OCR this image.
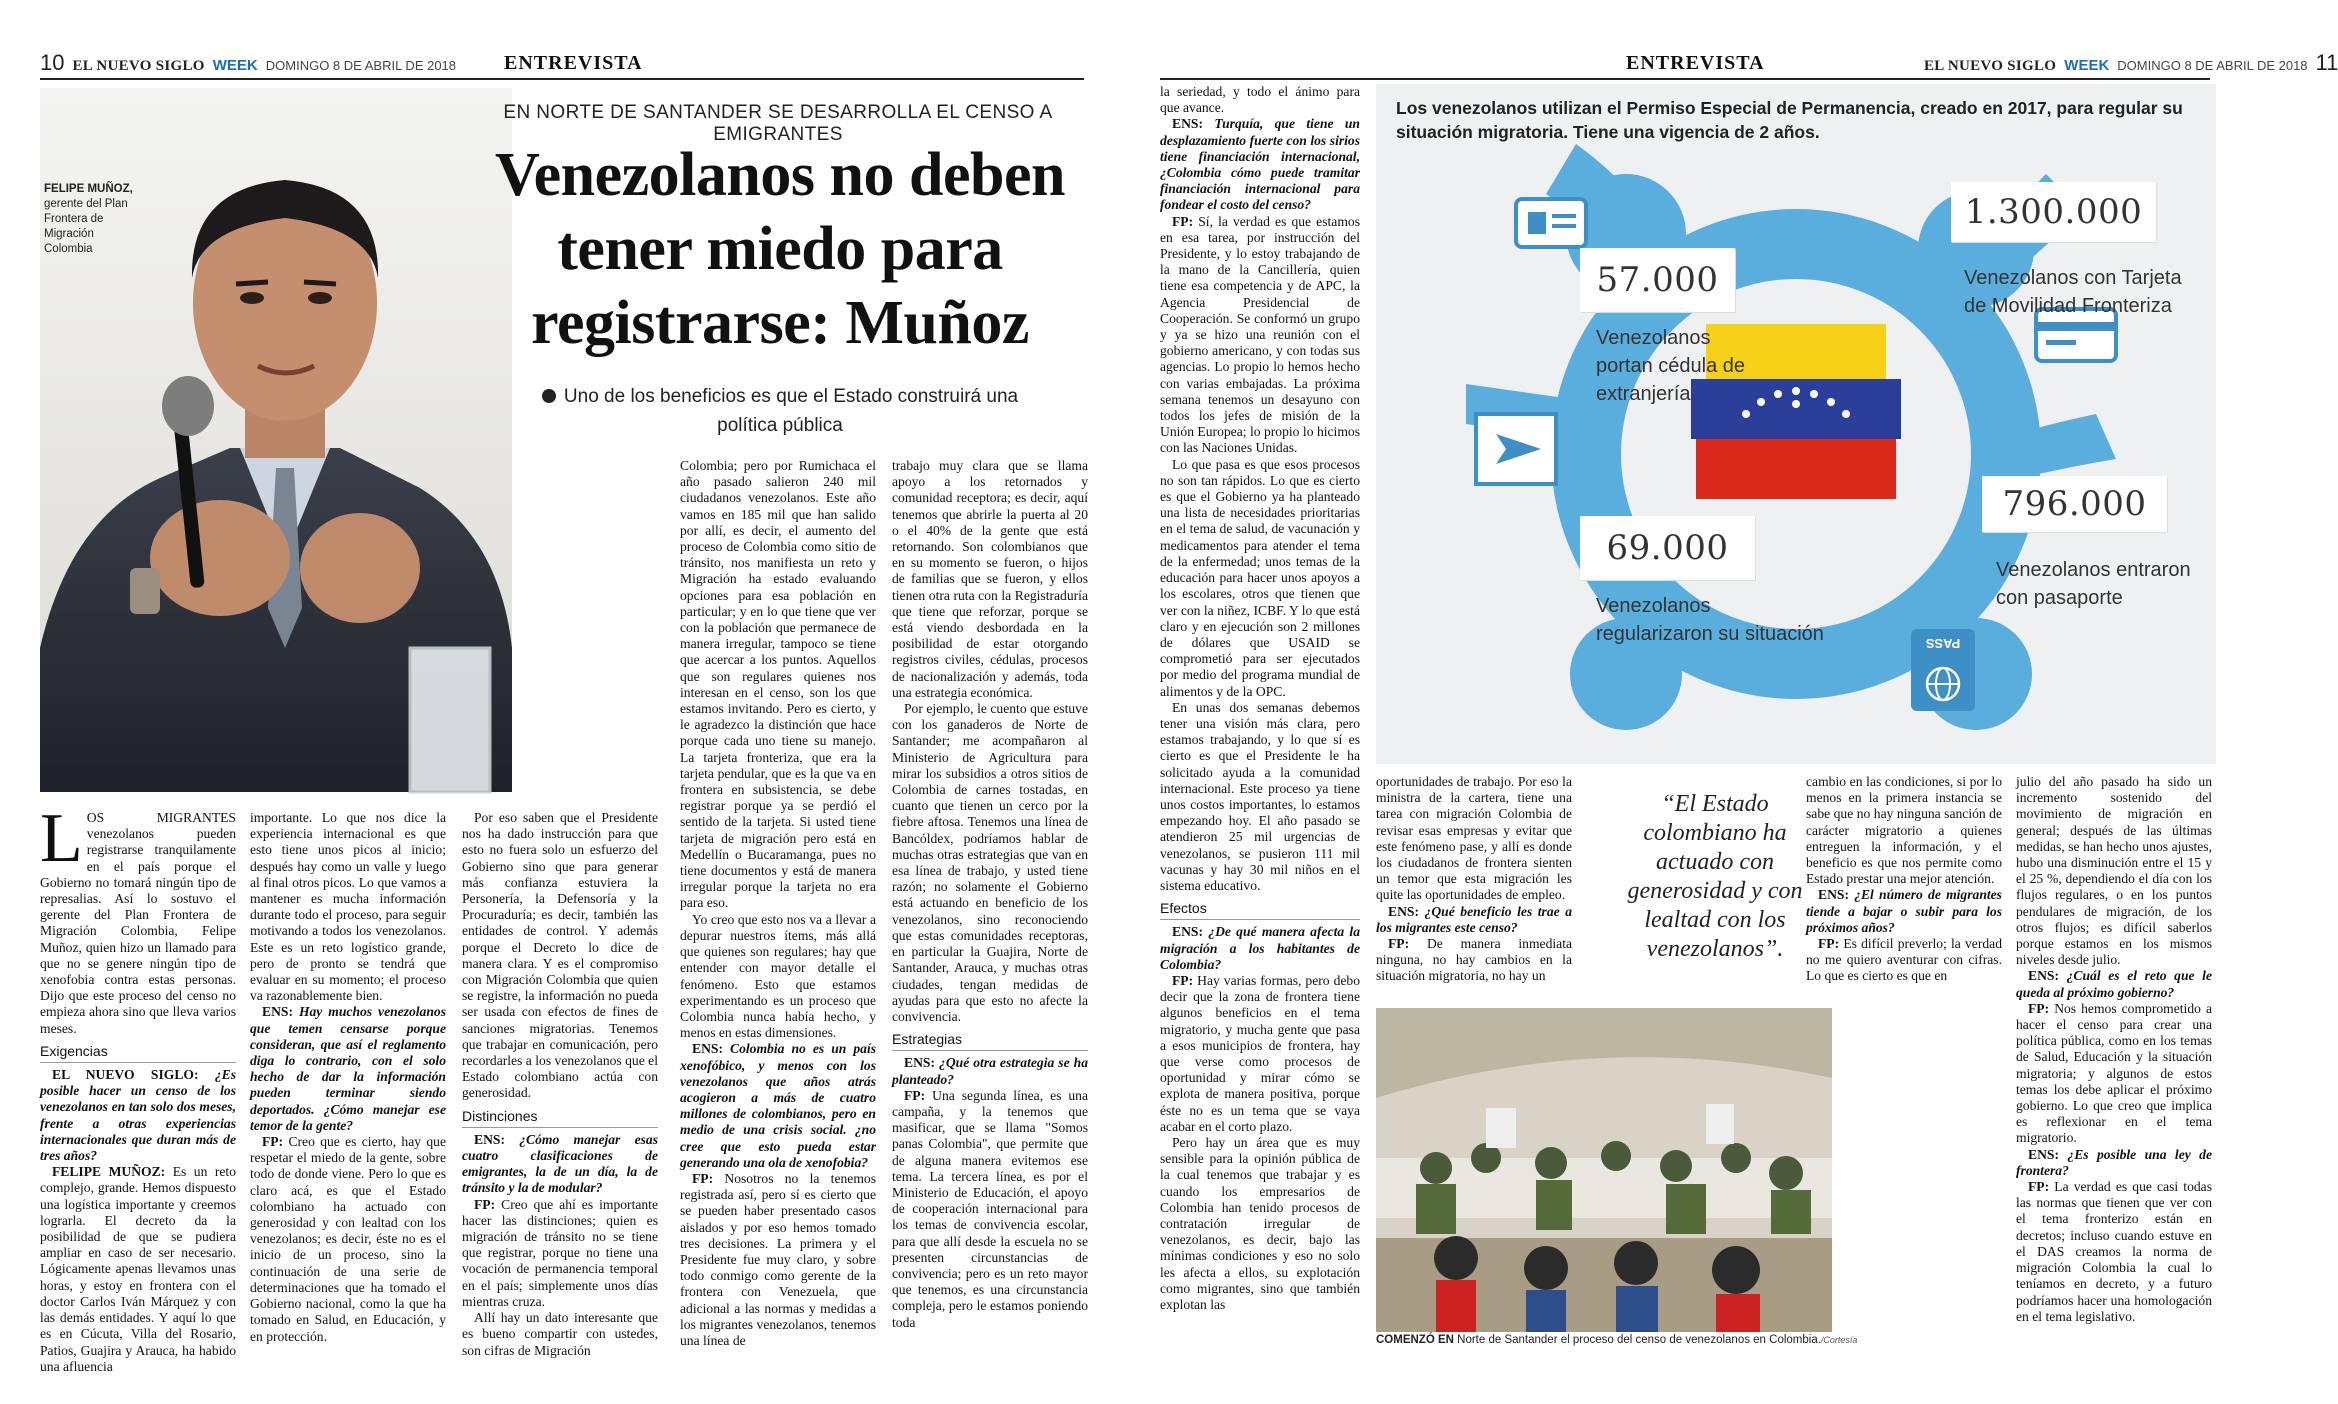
10 EL NUEVO SIGLO WEEK DOMINGO 8 DE ABRIL DE 2018 ENTREVISTA
FELIPE MUÑOZ,
gerente del Plan Frontera de Migración Colombia
EN NORTE DE SANTANDER SE DESARROLLA EL CENSO A EMIGRANTES
Venezolanos no deben tener miedo para registrarse: Muñoz
Uno de los beneficios es que el Estado construirá una política pública

LOS MIGRANTES venezolanos pueden registrarse tranquilamente en el país porque el Gobierno no tomará ningún tipo de represalias. Así lo sostuvo el gerente del Plan Frontera de Migración Colombia, Felipe Muñoz, quien hizo un llamado para que no se genere ningún tipo de xenofobia contra estas personas. Dijo que este proceso del censo no empieza ahora sino que lleva varios meses.

Exigencias

EL NUEVO SIGLO: ¿Es posible hacer un censo de los venezolanos en tan solo dos meses, frente a otras experiencias internacionales que duran más de tres años?

FELIPE MUÑOZ: Es un reto complejo, grande. Hemos dispuesto una logística importante y creemos lograrla. El decreto da la posibilidad de que se pudiera ampliar en caso de ser necesario. Lógicamente apenas llevamos unas horas, y estoy en frontera con el doctor Carlos Iván Márquez y con las demás entidades. Y aquí lo que es en Cúcuta, Villa del Rosario, Patios, Guajira y Arauca, ha habido una afluencia

importante. Lo que nos dice la experiencia internacional es que esto tiene unos picos al inicio; después hay como un valle y luego al final otros picos. Lo que vamos a mantener es mucha información durante todo el proceso, para seguir motivando a todos los venezolanos. Este es un reto logístico grande, pero de pronto se tendrá que evaluar en su momento; el proceso va razonablemente bien.

ENS: Hay muchos venezolanos que temen censarse porque consideran, que así el reglamento diga lo contrario, con el solo hecho de dar la información pueden terminar siendo deportados. ¿Cómo manejar ese temor de la gente?

FP: Creo que es cierto, hay que respetar el miedo de la gente, sobre todo de donde viene. Pero lo que es claro acá, es que el Estado colombiano ha actuado con generosidad y con lealtad con los venezolanos; es decir, éste no es el inicio de un proceso, sino la continuación de una serie de determinaciones que ha tomado el Gobierno nacional, como la que ha tomado en Salud, en Educación, y en protección.

Por eso saben que el Presidente nos ha dado instrucción para que esto no fuera solo un esfuerzo del Gobierno sino que para generar más confianza estuviera la Personería, la Defensoría y la Procuraduría; es decir, también las entidades de control. Y además porque el Decreto lo dice de manera clara. Y es el compromiso con Migración Colombia que quien se registre, la información no pueda ser usada con efectos de fines de sanciones migratorias. Tenemos que trabajar en comunicación, pero recordarles a los venezolanos que el Estado colombiano actúa con generosidad.

Distinciones

ENS: ¿Cómo manejar esas cuatro clasificaciones de emigrantes, la de un día, la de tránsito y la de modular?

FP: Creo que ahí es importante hacer las distinciones; quien es migración de tránsito no se tiene que registrar, porque no tiene una vocación de permanencia temporal en el país; simplemente unos días mientras cruza.

Allí hay un dato interesante que es bueno compartir con ustedes, son cifras de Migración

Colombia; pero por Rumichaca el año pasado salieron 240 mil ciudadanos venezolanos. Este año vamos en 185 mil que han salido por allí, es decir, el aumento del proceso de Colombia como sitio de tránsito, nos manifiesta un reto y Migración ha estado evaluando opciones para esa población en particular; y en lo que tiene que ver con la población que permanece de manera irregular, tampoco se tiene que acercar a los puntos. Aquellos que son regulares quienes nos interesan en el censo, son los que estamos invitando. Pero es cierto, y le agradezco la distinción que hace porque cada uno tiene su manejo. La tarjeta fronteriza, que era la tarjeta pendular, que es la que va en frontera en subsistencia, se debe registrar porque ya se perdió el sentido de la tarjeta. Si usted tiene tarjeta de migración pero está en Medellín o Bucaramanga, pues no tiene documentos y está de manera irregular porque la tarjeta no era para eso.

Yo creo que esto nos va a llevar a depurar nuestros ítems, más allá que quienes son regulares; hay que entender con mayor detalle el fenómeno. Esto que estamos experimentando es un proceso que Colombia nunca había hecho, y menos en estas dimensiones.

ENS: Colombia no es un país xenofóbico, y menos con los venezolanos que años atrás acogieron a más de cuatro millones de colombianos, pero en medio de una crisis social. ¿no cree que esto pueda estar generando una ola de xenofobia?

FP: Nosotros no la tenemos registrada así, pero sí es cierto que se pueden haber presentado casos aislados y por eso hemos tomado tres decisiones. La primera y el Presidente fue muy claro, y sobre todo conmigo como gerente de la frontera con Venezuela, que adicional a las normas y medidas a los migrantes venezolanos, tenemos una línea de

trabajo muy clara que se llama apoyo a los retornados y comunidad receptora; es decir, aquí tenemos que abrirle la puerta al 20 o el 40% de la gente que está retornando. Son colombianos que en su momento se fueron, o hijos de familias que se fueron, y ellos tienen otra ruta con la Registraduría que tiene que reforzar, porque se está viendo desbordada en la posibilidad de estar otorgando registros civiles, cédulas, procesos de nacionalización y además, toda una estrategia económica.

Por ejemplo, le cuento que estuve con los ganaderos de Norte de Santander; me acompañaron al Ministerio de Agricultura para mirar los subsidios a otros sitios de Colombia de carnes tostadas, en cuanto que tienen un cerco por la fiebre aftosa. Tenemos una línea de Bancóldex, podríamos hablar de muchas otras estrategias que van en esa línea de trabajo, y usted tiene razón; no solamente el Gobierno está actuando en beneficio de los venezolanos, sino reconociendo que estas comunidades receptoras, en particular la Guajira, Norte de Santander, Arauca, y muchas otras ciudades, tengan medidas de ayudas para que esto no afecte la convivencia.

Estrategias

ENS: ¿Qué otra estrategia se ha planteado?

FP: Una segunda línea, es una campaña, y la tenemos que masificar, que se llama "Somos panas Colombia", que permite que de alguna manera evitemos ese tema. La tercera línea, es por el Ministerio de Educación, el apoyo de cooperación internacional para los temas de convivencia escolar, para que allí desde la escuela no se presenten circunstancias de convivencia; pero es un reto mayor que tenemos, es una circunstancia compleja, pero le estamos poniendo toda

ENTREVISTA	EL NUEVO SIGLO WEEK DOMINGO 8 DE ABRIL DE 2018 11

la seriedad, y todo el ánimo para que avance.

ENS: Turquía, que tiene un desplazamiento fuerte con los sirios tiene financiación internacional, ¿Colombia cómo puede tramitar financiación internacional para fondear el costo del censo?

FP: Sí, la verdad es que estamos en esa tarea, por instrucción del Presidente, y lo estoy trabajando de la mano de la Cancillería, quien tiene esa competencia y de APC, la Agencia Presidencial de Cooperación. Se conformó un grupo y ya se hizo una reunión con el gobierno americano, y con todas sus agencias. Lo propio lo hemos hecho con varias embajadas. La próxima semana tenemos un desayuno con todos los jefes de misión de la Unión Europea; lo propio lo hicimos con las Naciones Unidas.

Lo que pasa es que esos procesos no son tan rápidos. Lo que es cierto es que el Gobierno ya ha planteado una lista de necesidades prioritarias en el tema de salud, de vacunación y medicamentos para atender el tema de la enfermedad; unos temas de la educación para hacer unos apoyos a los escolares, otros que tienen que ver con la niñez, ICBF. Y lo que está claro y en ejecución son 2 millones de dólares que USAID se comprometió para ser ejecutados por medio del programa mundial de alimentos y de la OPC.

En unas dos semanas debemos tener una visión más clara, pero estamos trabajando, y lo que sí es cierto es que el Presidente le ha solicitado ayuda a la comunidad internacional. Este proceso ya tiene unos costos importantes, lo estamos empezando hoy. El año pasado se atendieron 25 mil urgencias de venezolanos, se pusieron 111 mil vacunas y hay 30 mil niños en el sistema educativo.

Efectos

ENS: ¿De qué manera afecta la migración a los habitantes de Colombia?

FP: Hay varias formas, pero debo decir que la zona de frontera tiene algunos beneficios en el tema migratorio, y mucha gente que pasa a esos municipios de frontera, hay que verse como procesos de oportunidad y mirar cómo se explota de manera positiva, porque éste no es un tema que se vaya acabar en el corto plazo.

Pero hay un área que es muy sensible para la opinión pública de la cual tenemos que trabajar y es cuando los empresarios de Colombia han tenido procesos de contratación irregular de venezolanos, es decir, bajo las mínimas condiciones y eso no solo les afecta a ellos, su explotación como migrantes, sino que también explotan las

Los venezolanos utilizan el Permiso Especial de Permanencia, creado en 2017, para regular su situación migratoria. Tiene una vigencia de 2 años.
PASS
1.300.000
Venezolanos con Tarjeta de Movilidad Fronteriza
57.000
Venezolanos portan cédula de extranjería
796.000
Venezolanos entraron con pasaporte
69.000
Venezolanos regularizaron su situación

oportunidades de trabajo. Por eso la ministra de la cartera, tiene una tarea con migración Colombia de revisar esas empresas y evitar que este fenómeno pase, y allí es donde los ciudadanos de frontera sienten un temor que esta migración les quite las oportunidades de empleo.

ENS: ¿Qué beneficio les trae a los migrantes este censo?

FP: De manera inmediata ninguna, no hay cambios en la situación migratoria, no hay un

“El Estado colombiano ha actuado con generosidad y con lealtad con los venezolanos”.

cambio en las condiciones, si por lo menos en la primera instancia se sabe que no hay ninguna sanción de carácter migratorio a quienes entreguen la información, y el beneficio es que nos permite como Estado prestar una mejor atención.

ENS: ¿El número de migrantes tiende a bajar o subir para los próximos años?

FP: Es difícil preverlo; la verdad no me quiero aventurar con cifras. Lo que es cierto es que en

julio del año pasado ha sido un incremento sostenido del movimiento de migración en general; después de las últimas medidas, se han hecho unos ajustes, hubo una disminución entre el 15 y el 25 %, dependiendo el día con los flujos regulares, o en los puntos pendulares de migración, de los otros flujos; es difícil saberlos porque estamos en los mismos niveles desde julio.

ENS: ¿Cuál es el reto que le queda al próximo gobierno?

FP: Nos hemos comprometido a hacer el censo para crear una política pública, como en los temas de Salud, Educación y la situación migratoria; y algunos de estos temas los debe aplicar el próximo gobierno. Lo que creo que implica es reflexionar en el tema migratorio.

ENS: ¿Es posible una ley de frontera?

FP: La verdad es que casi todas las normas que tienen que ver con el tema fronterizo están en decretos; incluso cuando estuve en el DAS creamos la norma de migración Colombia la cual lo teníamos en decreto, y a futuro podríamos hacer una homologación en el tema legislativo.

COMENZÓ EN Norte de Santander el proceso del censo de venezolanos en Colombia./Cortesía
